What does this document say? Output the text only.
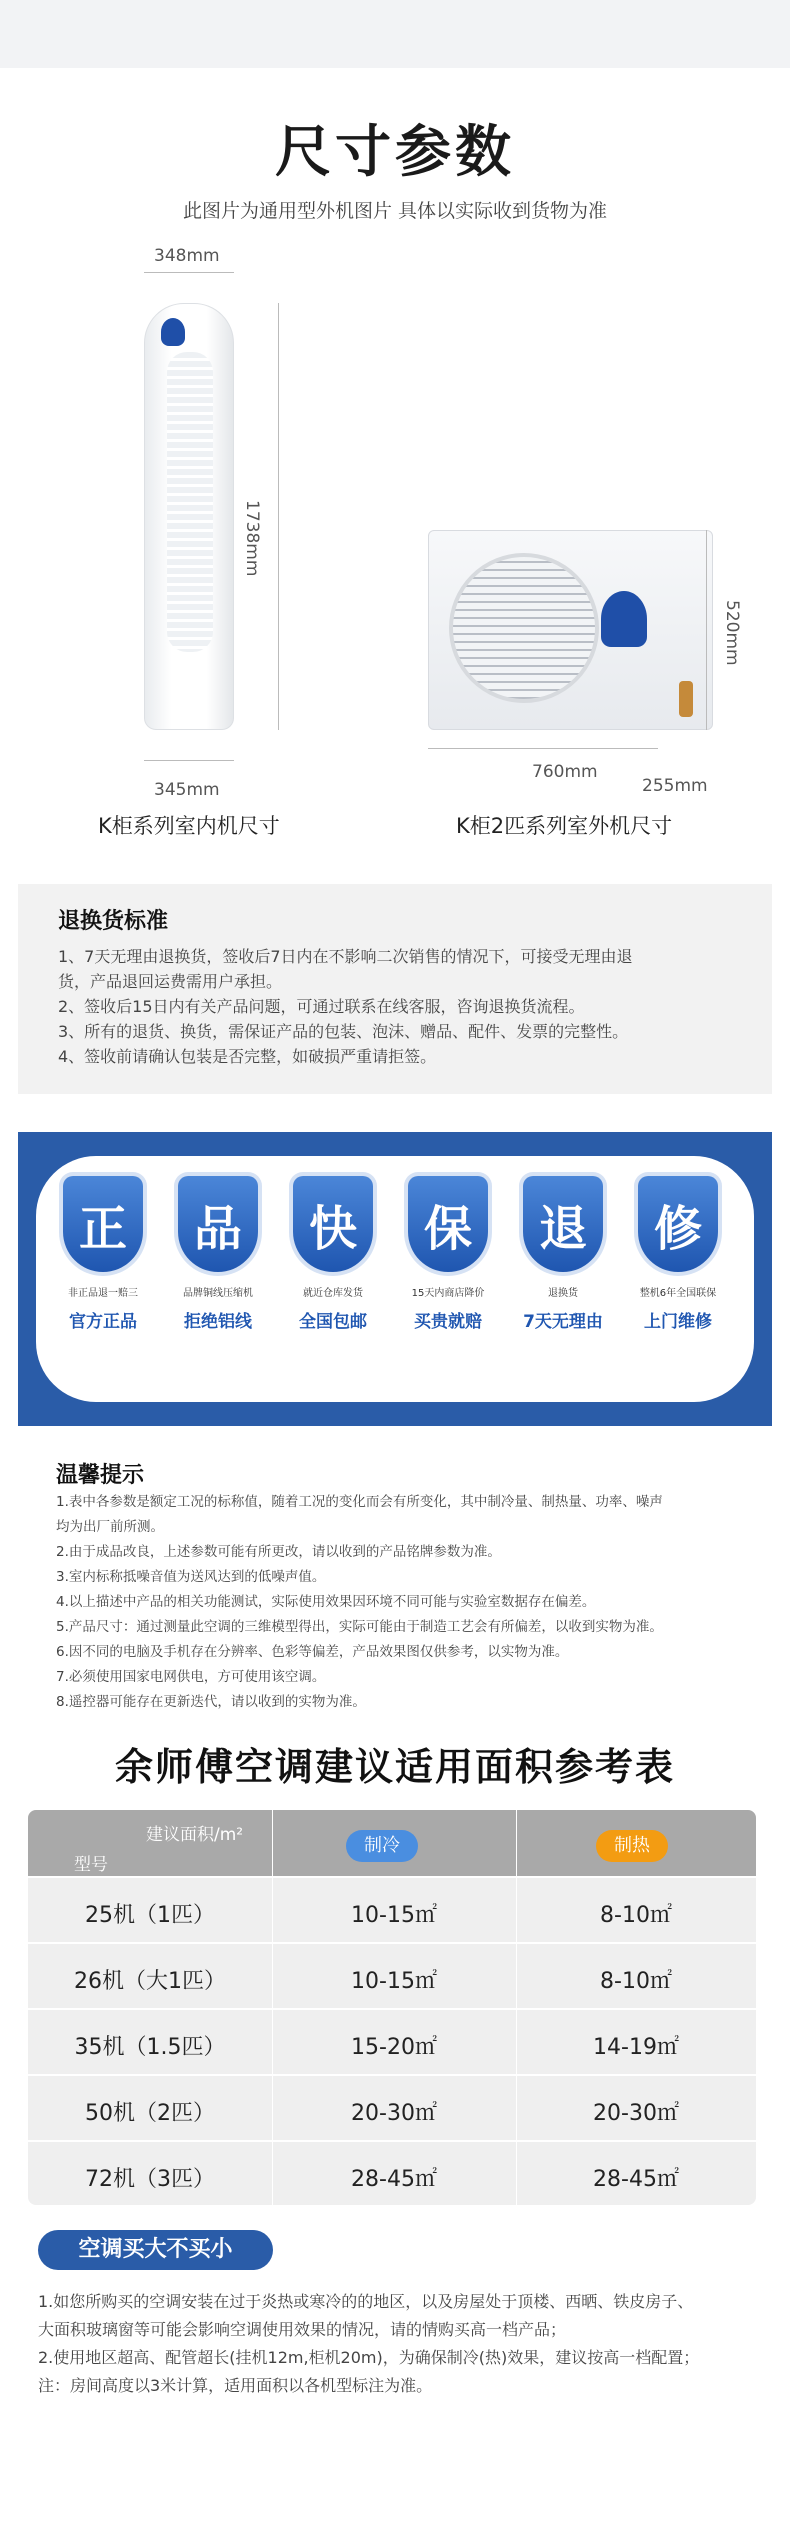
尺寸参数
此图片为通用型外机图片 具体以实际收到货物为准
348mm
1738mm
345mm
K柜系列室内机尺寸
520mm
760mm
255mm
K柜2匹系列室外机尺寸
退换货标准
1、7天无理由退换货，签收后7日内在不影响二次销售的情况下，可接受无理由退
货，产品退回运费需用户承担。
2、签收后15日内有关产品问题，可通过联系在线客服，咨询退换货流程。
3、所有的退货、换货，需保证产品的包装、泡沫、赠品、配件、发票的完整性。
4、签收前请确认包装是否完整，如破损严重请拒签。
正
非正品退一赔三
官方正品
品
品牌铜线压缩机
拒绝铝线
快
就近仓库发货
全国包邮
保
15天内商店降价
买贵就赔
退
退换货
7天无理由
修
整机6年全国联保
上门维修
温馨提示
1.表中各参数是额定工况的标称值，随着工况的变化而会有所变化，其中制冷量、制热量、功率、噪声
均为出厂前所测。
2.由于成品改良，上述参数可能有所更改，请以收到的产品铭牌参数为准。
3.室内标称抵噪音值为送风达到的低噪声值。
4.以上描述中产品的相关功能测试，实际使用效果因环境不同可能与实验室数据存在偏差。
5.产品尺寸：通过测量此空调的三维模型得出，实际可能由于制造工艺会有所偏差，以收到实物为准。
6.因不同的电脑及手机存在分辨率、色彩等偏差，产品效果图仅供参考，以实物为准。
7.必须使用国家电网供电，方可使用该空调。
8.遥控器可能存在更新迭代，请以收到的实物为准。
余师傅空调建议适用面积参考表
建议面积/m²
型号
制冷	制热
25机（1匹）	10-15㎡	8-10㎡
26机（大1匹）	10-15㎡	8-10㎡
35机（1.5匹）	15-20㎡	14-19㎡
50机（2匹）	20-30㎡	20-30㎡
72机（3匹）	28-45㎡	28-45㎡
空调买大不买小
1.如您所购买的空调安装在过于炎热或寒冷的的地区，以及房屋处于顶楼、西晒、铁皮房子、
大面积玻璃窗等可能会影响空调使用效果的情况，请的情购买高一档产品；
2.使用地区超高、配管超长(挂机12m,柜机20m)，为确保制冷(热)效果，建议按高一档配置；
注：房间高度以3米计算，适用面积以各机型标注为准。
